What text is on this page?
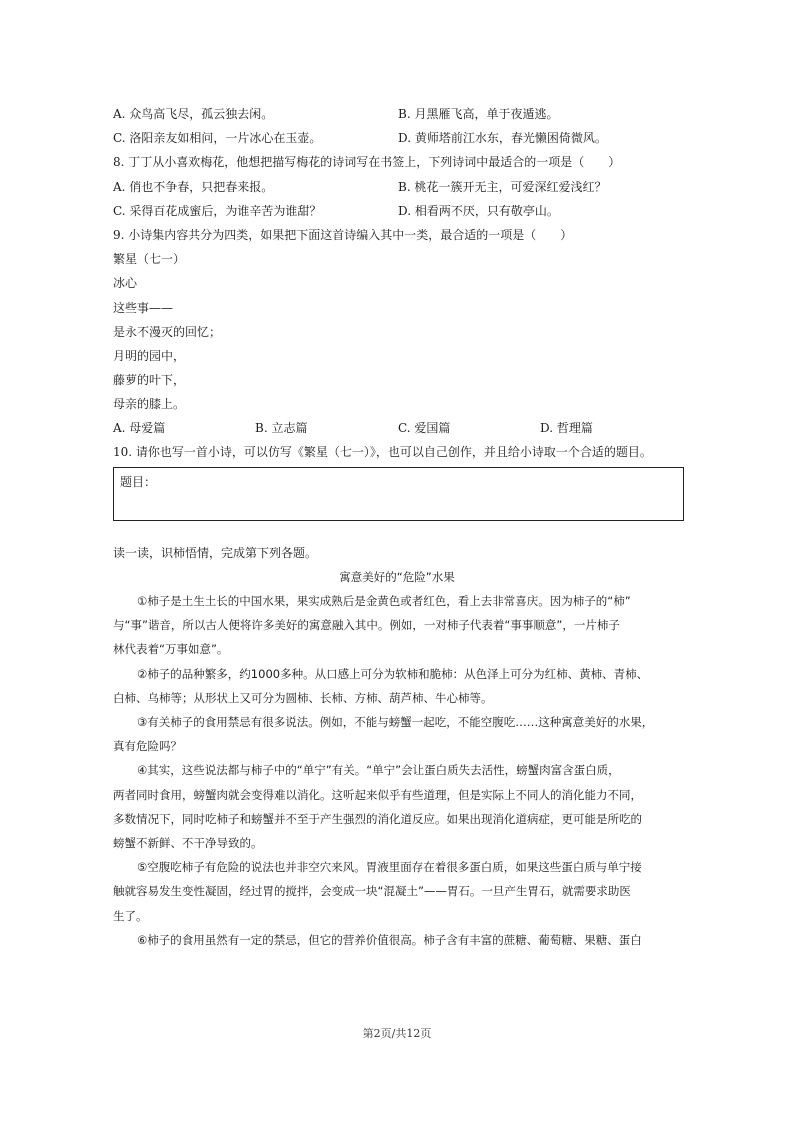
A. 众鸟高飞尽，孤云独去闲。	B. 月黑雁飞高，单于夜遁逃。
C. 洛阳亲友如相问，一片冰心在玉壶。	D. 黄师塔前江水东，春光懒困倚微风。
8. 丁丁从小喜欢梅花，他想把描写梅花的诗词写在书签上，下列诗词中最适合的一项是（　　）
A. 俏也不争春，只把春来报。	B. 桃花一簇开无主，可爱深红爱浅红？
C. 采得百花成蜜后，为谁辛苦为谁甜？	D. 相看两不厌，只有敬亭山。
9. 小诗集内容共分为四类，如果把下面这首诗编入其中一类，最合适的一项是（　　）
繁星（七一）
冰心
这些事——
是永不漫灭的回忆；
月明的园中，
藤萝的叶下，
母亲的膝上。
A. 母爱篇	B. 立志篇	C. 爱国篇	D. 哲理篇
10. 请你也写一首小诗，可以仿写《繁星（七一）》，也可以自己创作，并且给小诗取一个合适的题目。
题目：
读一读，识柿悟情，完成第下列各题。
寓意美好的“危险”水果
①柿子是土生土长的中国水果，果实成熟后是金黄色或者红色，看上去非常喜庆。因为柿子的“柿”
与“事”谐音，所以古人便将许多美好的寓意融入其中。例如，一对柿子代表着“事事顺意”，一片柿子
林代表着“万事如意”。
②柿子的品种繁多，约1000多种。从口感上可分为软柿和脆柿：从色泽上可分为红柿、黄柿、青柿、
白柿、乌柿等；从形状上又可分为圆柿、长柿、方柿、葫芦柿、牛心柿等。
③有关柿子的食用禁忌有很多说法。例如，不能与螃蟹一起吃，不能空腹吃……这种寓意美好的水果，
真有危险吗？
④其实，这些说法都与柿子中的“单宁”有关。“单宁”会让蛋白质失去活性，螃蟹肉富含蛋白质，
两者同时食用，螃蟹肉就会变得难以消化。这听起来似乎有些道理，但是实际上不同人的消化能力不同，
多数情况下，同时吃柿子和螃蟹并不至于产生强烈的消化道反应。如果出现消化道病症，更可能是所吃的
螃蟹不新鲜、不干净导致的。
⑤空腹吃柿子有危险的说法也并非空穴来风。胃液里面存在着很多蛋白质，如果这些蛋白质与单宁接
触就容易发生变性凝固，经过胃的搅拌，会变成一块“混凝土”——胃石。一旦产生胃石，就需要求助医
生了。
⑥柿子的食用虽然有一定的禁忌，但它的营养价值很高。柿子含有丰富的蔗糖、葡萄糖、果糖、蛋白
第2页/共12页
